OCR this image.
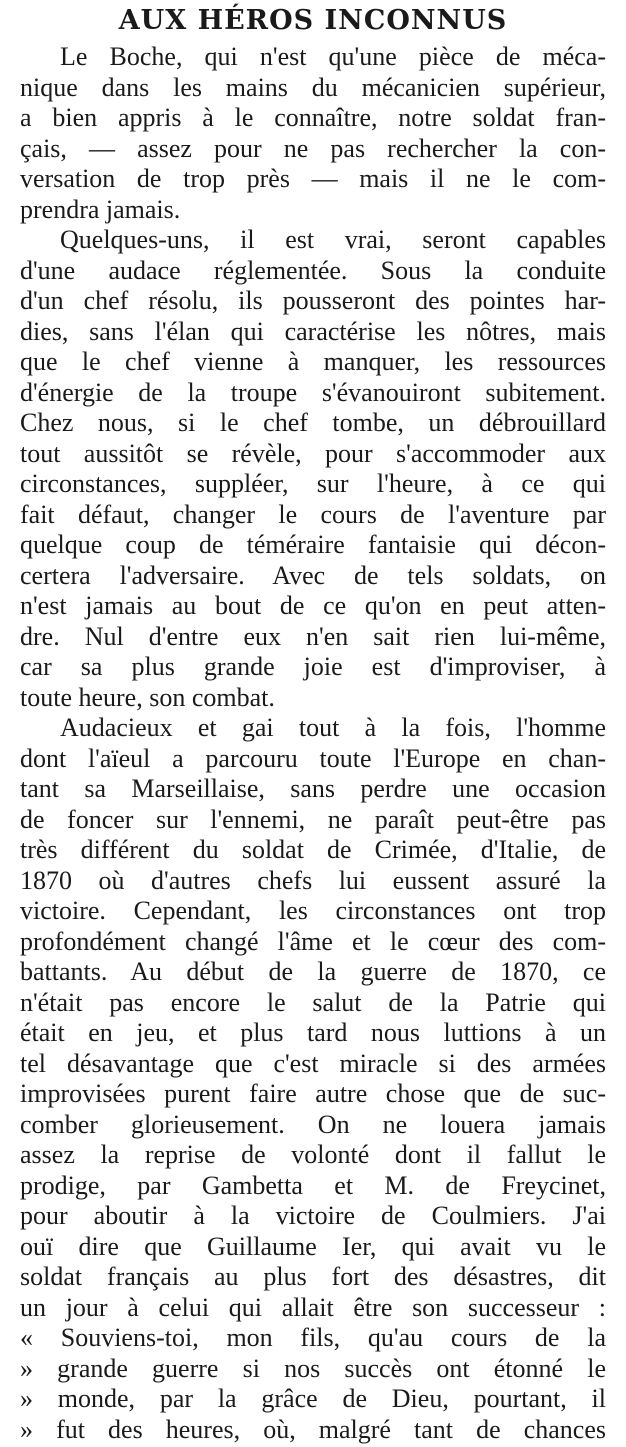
AUX HÉROS INCONNUS
Le Boche, qui n'est qu'une pièce de méca-
nique dans les mains du mécanicien supérieur,
a bien appris à le connaître, notre soldat fran-
çais, — assez pour ne pas rechercher la con-
versation de trop près — mais il ne le com-
prendra jamais.
Quelques-uns, il est vrai, seront capables
d'une audace réglementée. Sous la conduite
d'un chef résolu, ils pousseront des pointes har-
dies, sans l'élan qui caractérise les nôtres, mais
que le chef vienne à manquer, les ressources
d'énergie de la troupe s'évanouiront subitement.
Chez nous, si le chef tombe, un débrouillard
tout aussitôt se révèle, pour s'accommoder aux
circonstances, suppléer, sur l'heure, à ce qui
fait défaut, changer le cours de l'aventure par
quelque coup de téméraire fantaisie qui décon-
certera l'adversaire. Avec de tels soldats, on
n'est jamais au bout de ce qu'on en peut atten-
dre. Nul d'entre eux n'en sait rien lui-même,
car sa plus grande joie est d'improviser, à
toute heure, son combat.
Audacieux et gai tout à la fois, l'homme
dont l'aïeul a parcouru toute l'Europe en chan-
tant sa Marseillaise, sans perdre une occasion
de foncer sur l'ennemi, ne paraît peut-être pas
très différent du soldat de Crimée, d'Italie, de
1870 où d'autres chefs lui eussent assuré la
victoire. Cependant, les circonstances ont trop
profondément changé l'âme et le cœur des com-
battants. Au début de la guerre de 1870, ce
n'était pas encore le salut de la Patrie qui
était en jeu, et plus tard nous luttions à un
tel désavantage que c'est miracle si des armées
improvisées purent faire autre chose que de suc-
comber glorieusement. On ne louera jamais
assez la reprise de volonté dont il fallut le
prodige, par Gambetta et M. de Freycinet,
pour aboutir à la victoire de Coulmiers. J'ai
ouï dire que Guillaume Ier, qui avait vu le
soldat français au plus fort des désastres, dit
un jour à celui qui allait être son successeur :
« Souviens-toi, mon fils, qu'au cours de la
» grande guerre si nos succès ont étonné le
» monde, par la grâce de Dieu, pourtant, il
» fut des heures, où, malgré tant de chances
